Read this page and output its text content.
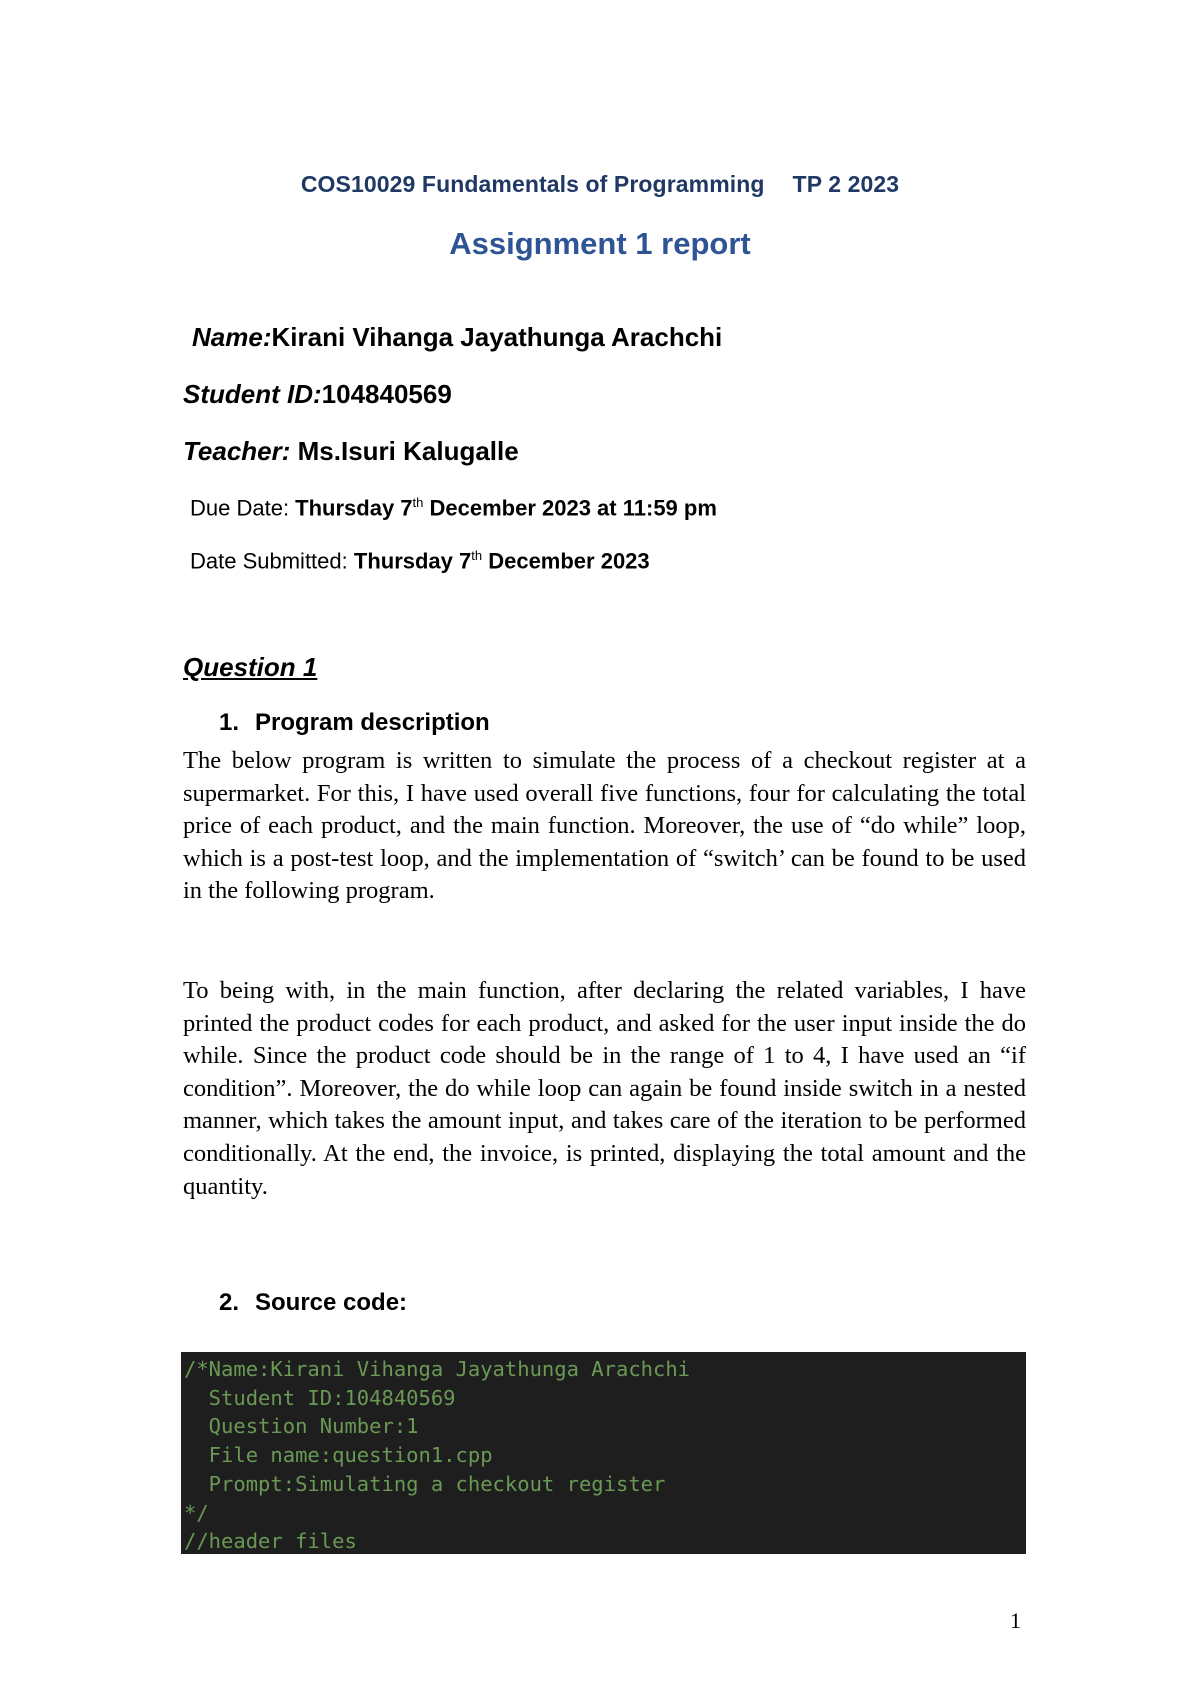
COS10029 Fundamentals of Programming TP 2 2023
Assignment 1 report
Name:Kirani Vihanga Jayathunga Arachchi
Student ID:104840569
Teacher: Ms.Isuri Kalugalle
Due Date: Thursday 7th December 2023 at 11:59 pm
Date Submitted: Thursday 7th December 2023
Question 1
1. Program description
The below program is written to simulate the process of a checkout register at a supermarket. For this, I have used overall five functions, four for calculating the total price of each product, and the main function. Moreover, the use of “do while” loop, which is a post-test loop, and the implementation of “switch’ can be found to be used in the following program.
To being with, in the main function, after declaring the related variables, I have printed the product codes for each product, and asked for the user input inside the do while. Since the product code should be in the range of 1 to 4, I have used an “if condition”. Moreover, the do while loop can again be found inside switch in a nested manner, which takes the amount input, and takes care of the iteration to be performed conditionally. At the end, the invoice, is printed, displaying the total amount and the quantity.
2. Source code:
/*Name:Kirani Vihanga Jayathunga Arachchi
Student ID:104840569
Question Number:1
File name:question1.cpp
Prompt:Simulating a checkout register
*/
//header files
1
